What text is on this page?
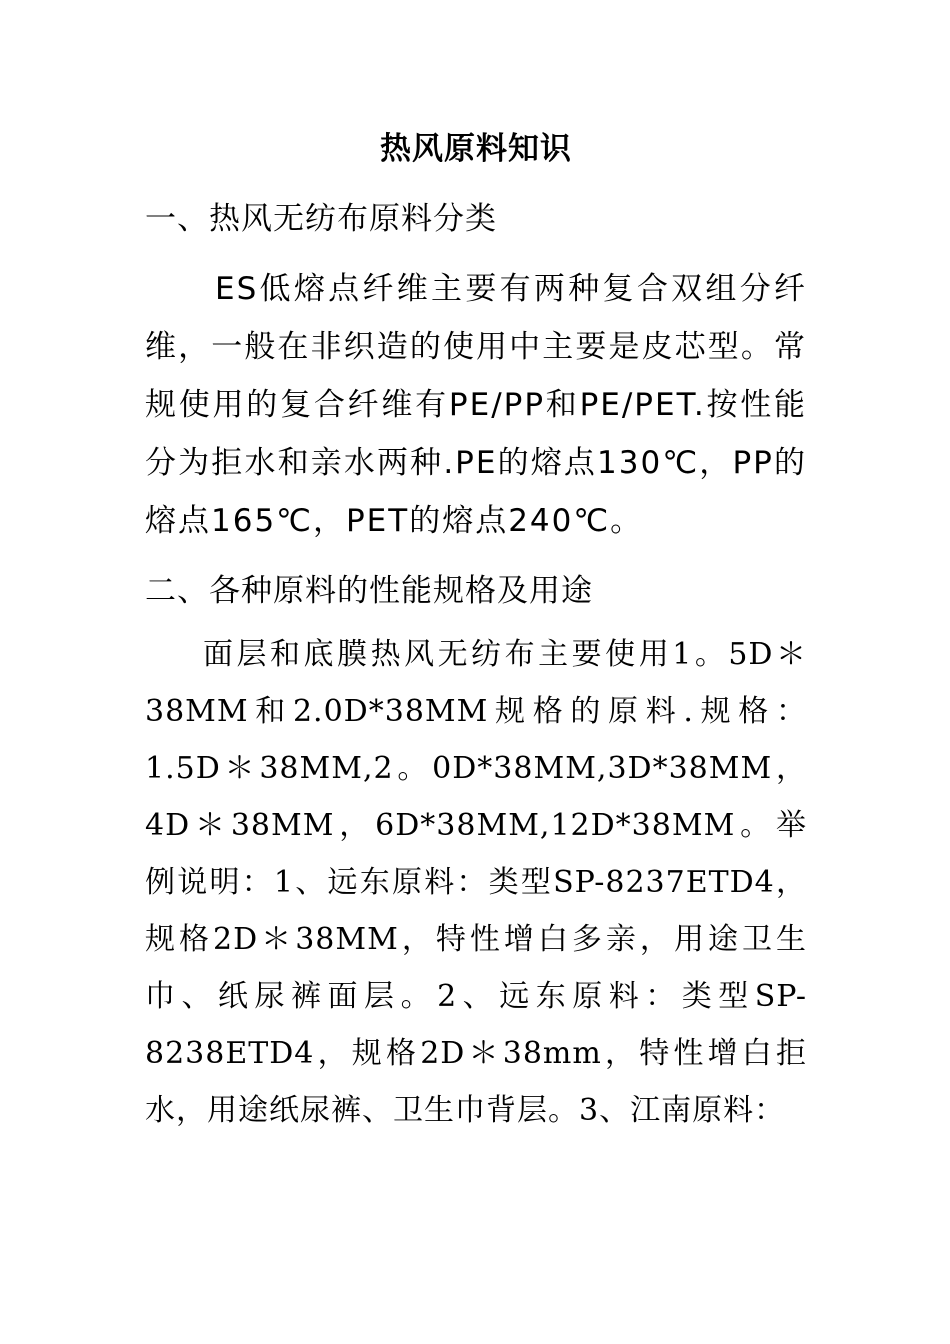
热风原料知识
一、热风无纺布原料分类

ES低熔点纤维主要有两种复合双组分纤维，一般在非织造的使用中主要是皮芯型。常规使用的复合纤维有PE/PP和PE/PET.按性能分为拒水和亲水两种.PE的熔点130℃，PP的熔点165℃，PET的熔点240℃。

二、各种原料的性能规格及用途

面层和底膜热风无纺布主要使用1。5D＊38MM和2.0D*38MM规格的原料.规格：1.5D＊38MM,2。0D*38MM,3D*38MM，4D＊38MM，6D*38MM,12D*38MM。举例说明：1、远东原料：类型SP-8237ETD4，规格2D＊38MM，特性增白多亲，用途卫生巾、纸尿裤面层。2、远东原料：类型SP-8238ETD4，规格2D＊38mm，特性增白拒水，用途纸尿裤、卫生巾背层。3、江南原料：
